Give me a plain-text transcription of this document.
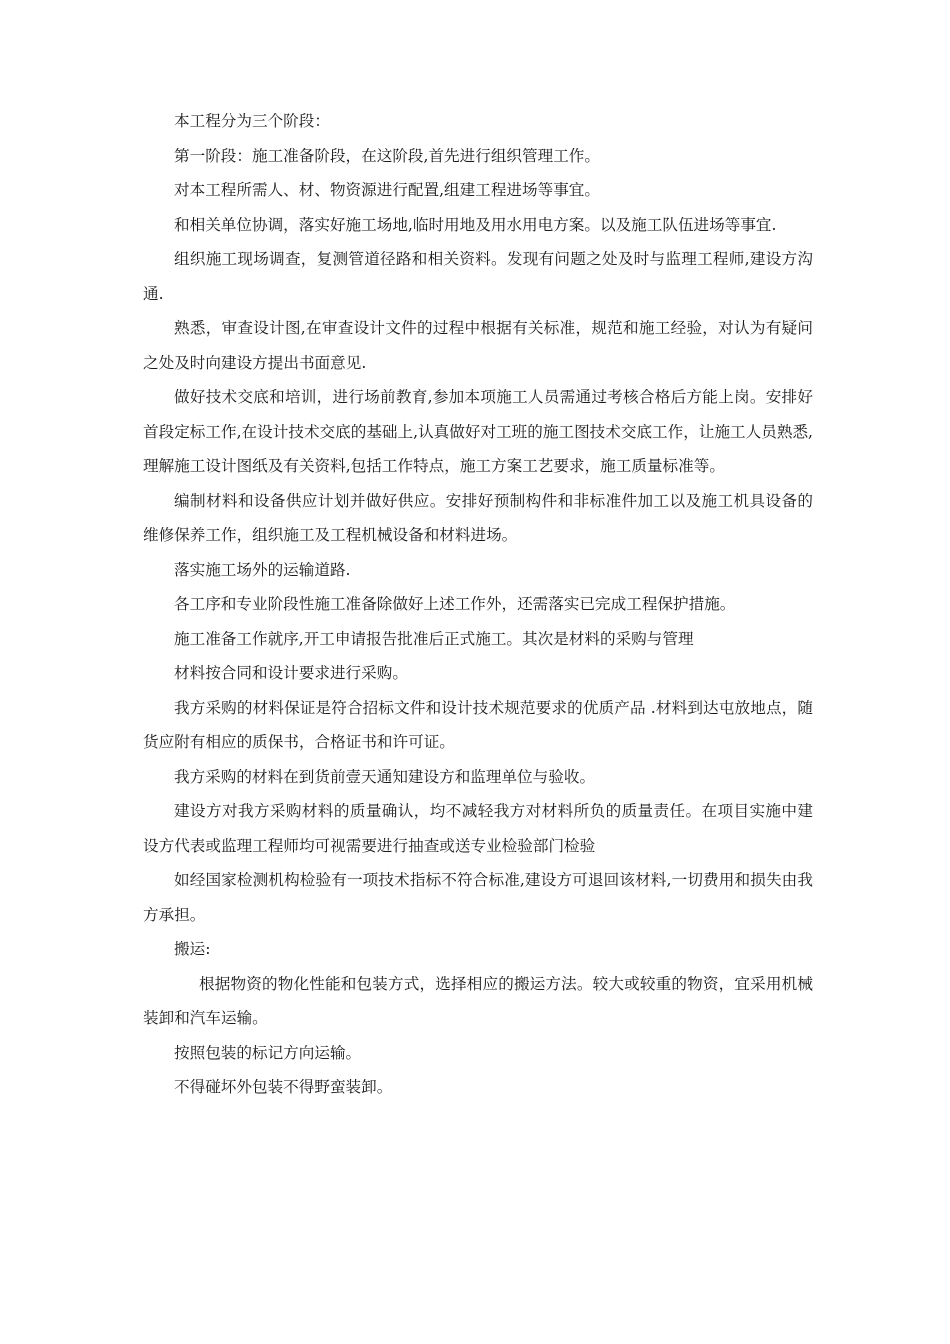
本工程分为三个阶段：

第一阶段：施工准备阶段，在这阶段,首先进行组织管理工作。

对本工程所需人、材、物资源进行配置,组建工程进场等事宜。

和相关单位协调，落实好施工场地,临时用地及用水用电方案。以及施工队伍进场等事宜.

组织施工现场调查，复测管道径路和相关资料。发现有问题之处及时与监理工程师,建设方沟通.

熟悉，审查设计图,在审查设计文件的过程中根据有关标准，规范和施工经验，对认为有疑问之处及时向建设方提出书面意见.

做好技术交底和培训，进行场前教育,参加本项施工人员需通过考核合格后方能上岗。安排好首段定标工作,在设计技术交底的基础上,认真做好对工班的施工图技术交底工作，让施工人员熟悉,理解施工设计图纸及有关资料,包括工作特点，施工方案工艺要求，施工质量标准等。

编制材料和设备供应计划并做好供应。安排好预制构件和非标准件加工以及施工机具设备的维修保养工作，组织施工及工程机械设备和材料进场。

落实施工场外的运输道路.

各工序和专业阶段性施工准备除做好上述工作外，还需落实已完成工程保护措施。

施工准备工作就序,开工申请报告批准后正式施工。其次是材料的采购与管理

材料按合同和设计要求进行采购。

我方采购的材料保证是符合招标文件和设计技术规范要求的优质产品 .材料到达屯放地点，随货应附有相应的质保书，合格证书和许可证。

我方采购的材料在到货前壹天通知建设方和监理单位与验收。

建设方对我方采购材料的质量确认，均不减轻我方对材料所负的质量责任。在项目实施中建设方代表或监理工程师均可视需要进行抽查或送专业检验部门检验

如经国家检测机构检验有一项技术指标不符合标准,建设方可退回该材料,一切费用和损失由我方承担。

搬运:

根据物资的物化性能和包装方式，选择相应的搬运方法。较大或较重的物资，宜采用机械装卸和汽车运输。

按照包装的标记方向运输。

不得碰坏外包装不得野蛮装卸。
